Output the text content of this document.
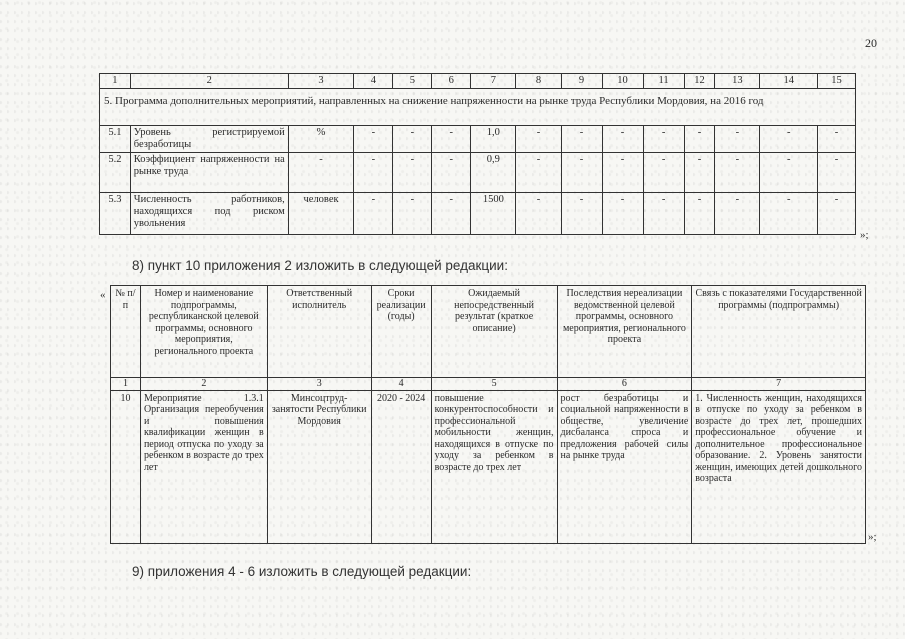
20
1	2	3	4	5	6	7	8	9	10	11	12	13	14	15
5. Программа дополнительных мероприятий, направленных на снижение напряженности на рынке труда Республики Мордовия, на 2016 год														
5.1	Уровень регистрируемой безработицы	%	-	-	-	1,0	-	-	-	-	-	-	-	-
5.2	Коэффициент напряженности на рынке труда	-	-	-	-	0,9	-	-	-	-	-	-	-	-
5.3	Численность работников, находящихся под риском увольнения	человек	-	-	-	1500	-	-	-	-	-	-	-	-
»;
8) пункт 10 приложения 2 изложить в следующей редакции:
« № п/п	Номер и наименование подпрограммы, республиканской целевой программы, основного мероприятия, регионального проекта	Ответственный исполнитель	Сроки реализации (годы)	Ожидаемый непосредственный результат (краткое описание)	Последствия нереализации ведомственной целевой программы, основного мероприятия, регионального проекта	Связь с показателями Государственной программы (подпрограммы)
1	2	3	4	5	6	7
10	Мероприятие 1.3.1 Организация переобучения и повышения квалификации женщин в период отпуска по уходу за ребенком в возрасте до трех лет	Минсоцтруд-занятости Республики Мордовия	2020 - 2024	повышение конкурентоспособности и профессиональной мобильности женщин, находящихся в отпуске по уходу за ребенком в возрасте до трех лет	рост безработицы и социальной напряженности в обществе, увеличение дисбаланса спроса и предложения рабочей силы на рынке труда	1. Численность женщин, находящихся в отпуске по уходу за ребенком в возрасте до трех лет, прошедших профессиональное обучение и дополнительное профессиональное образование. 2. Уровень занятости женщин, имеющих детей дошкольного возраста
»;
9) приложения 4 - 6 изложить в следующей редакции:
